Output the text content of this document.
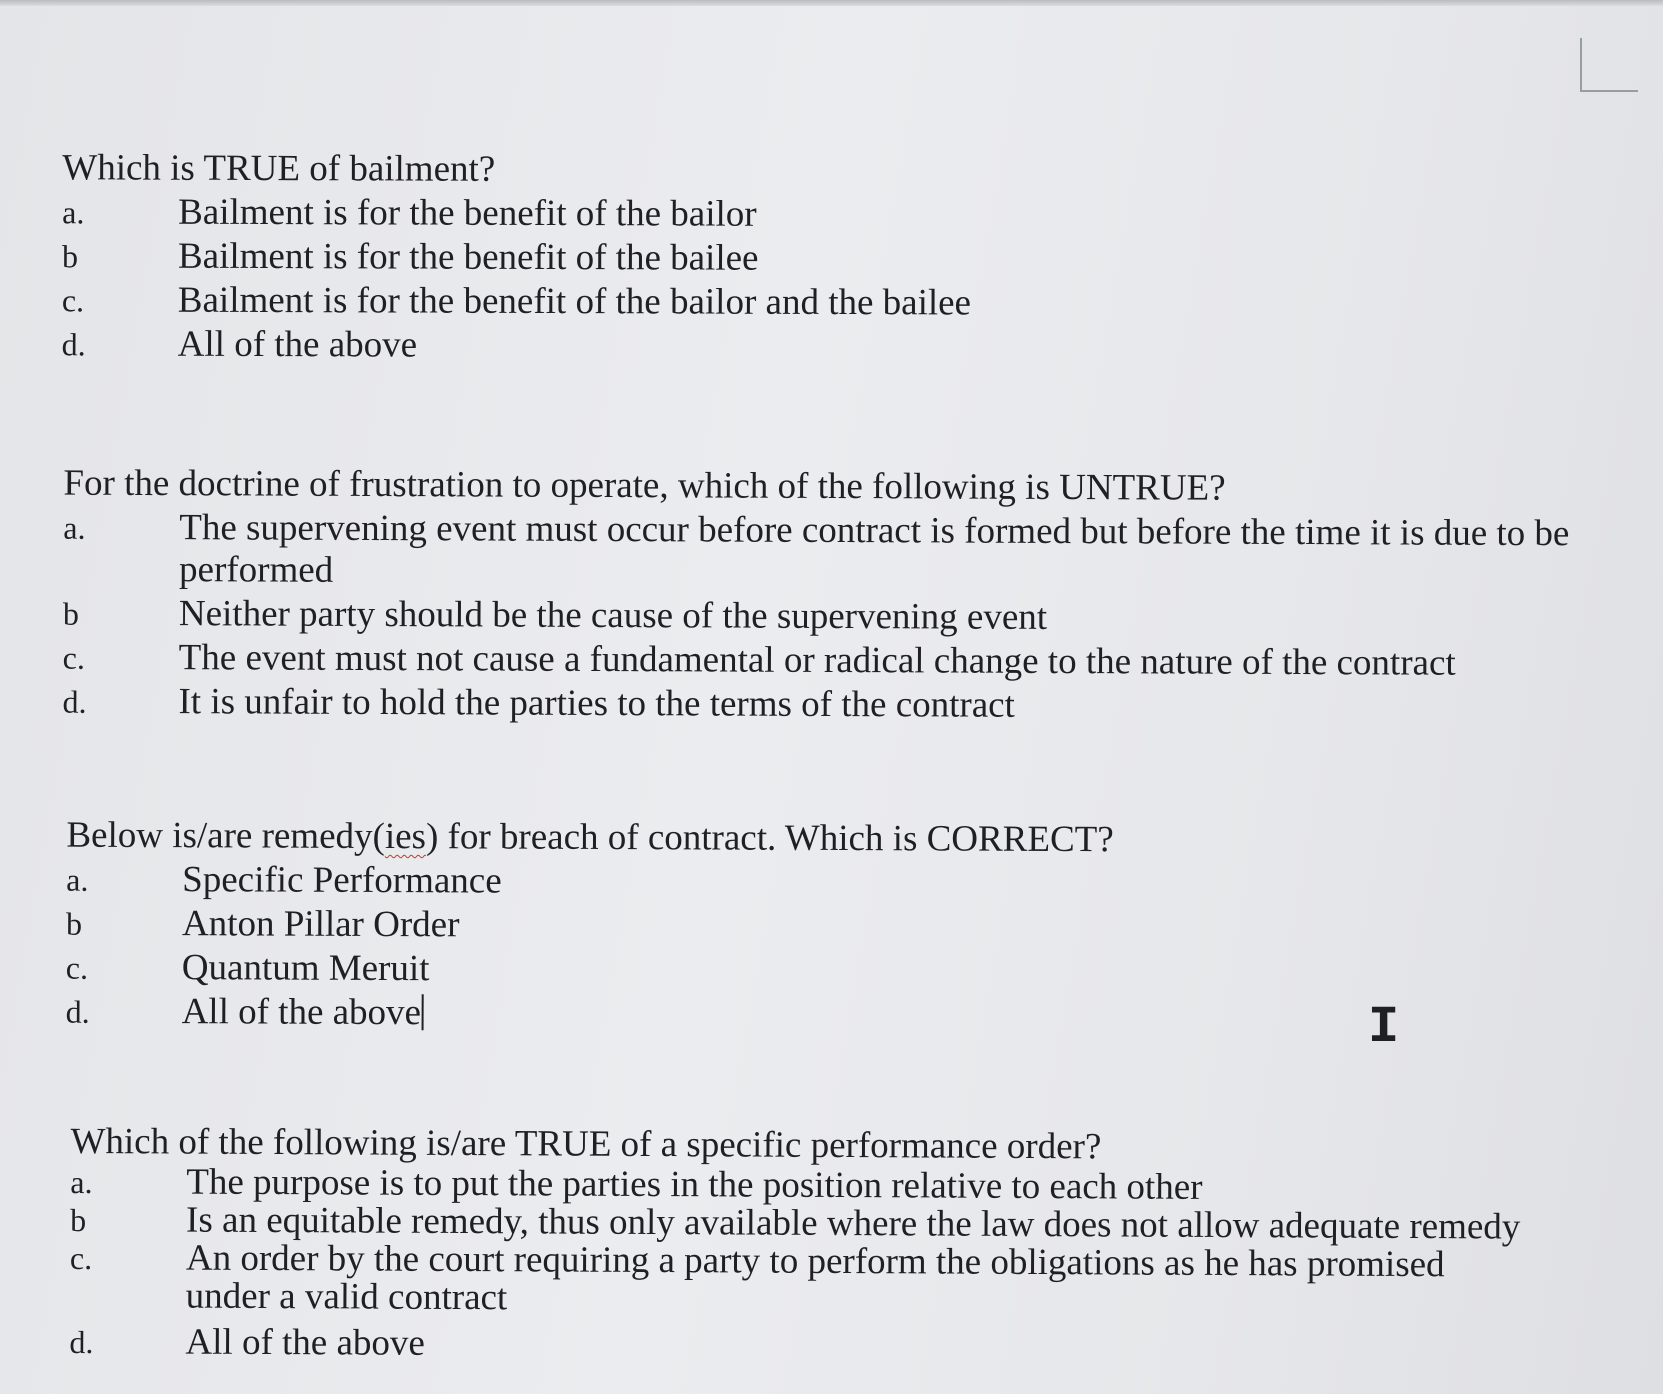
Which is TRUE of bailment?
a.	Bailment is for the benefit of the bailor
b	Bailment is for the benefit of the bailee
c.	Bailment is for the benefit of the bailor and the bailee
d.	All of the above
For the doctrine of frustration to operate, which of the following is UNTRUE?
a.	The supervening event must occur before contract is formed but before the time it is due to be performed
b	Neither party should be the cause of the supervening event
c.	The event must not cause a fundamental or radical change to the nature of the contract
d.	It is unfair to hold the parties to the terms of the contract
Below is/are remedy(ies) for breach of contract. Which is CORRECT?
a.	Specific Performance
b	Anton Pillar Order
c.	Quantum Meruit
d.	All of the above
Which of the following is/are TRUE of a specific performance order?
a.	The purpose is to put the parties in the position relative to each other
b	Is an equitable remedy, thus only available where the law does not allow adequate remedy
c.	An order by the court requiring a party to perform the obligations as he has promised under a valid contract
d.	All of the above
I
